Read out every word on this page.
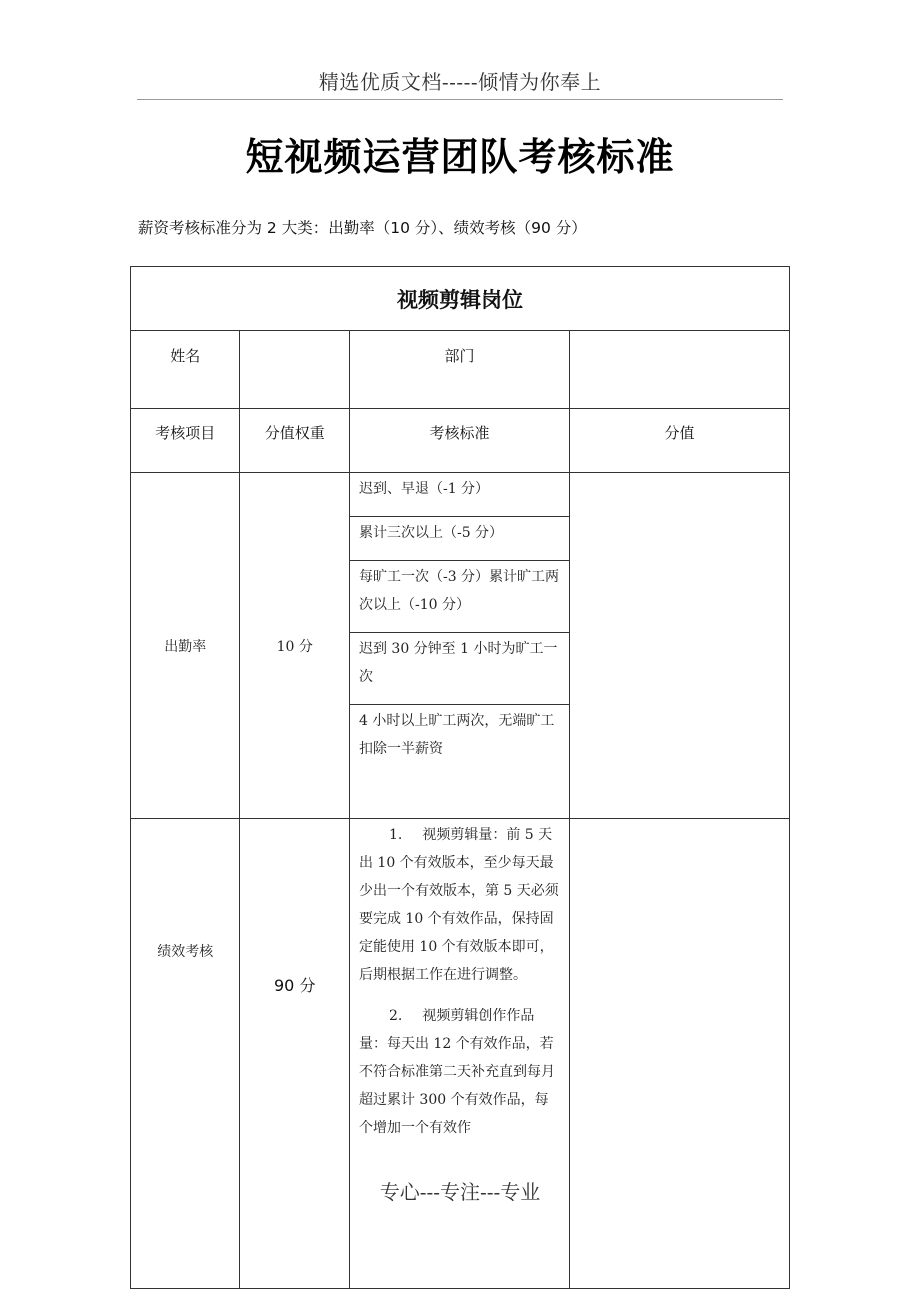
精选优质文档-----倾情为你奉上
短视频运营团队考核标准
薪资考核标准分为 2 大类：出勤率（10 分）、绩效考核（90 分）
视频剪辑岗位			
姓名		部门	
考核项目	分值权重	考核标准	分值
出勤率	10 分	迟到、早退（-1 分）
累计三次以上（-5 分）
每旷工一次（-3 分）累计旷工两次以上（-10 分）
迟到 30 分钟至 1 小时为旷工一次
4 小时以上旷工两次，无端旷工扣除一半薪资	

绩效考核	90 分	1. 视频剪辑量：前 5 天出 10 个有效版本，至少每天最少出一个有效版本，第 5 天必须要完成 10 个有效作品，保持固定能使用 10 个有效版本即可，后期根据工作在进行调整。
2. 视频剪辑创作作品量：每天出 12 个有效作品，若不符合标准第二天补充直到每月超过累计 300 个有效作品，每个增加一个有效作	

专心---专注---专业
